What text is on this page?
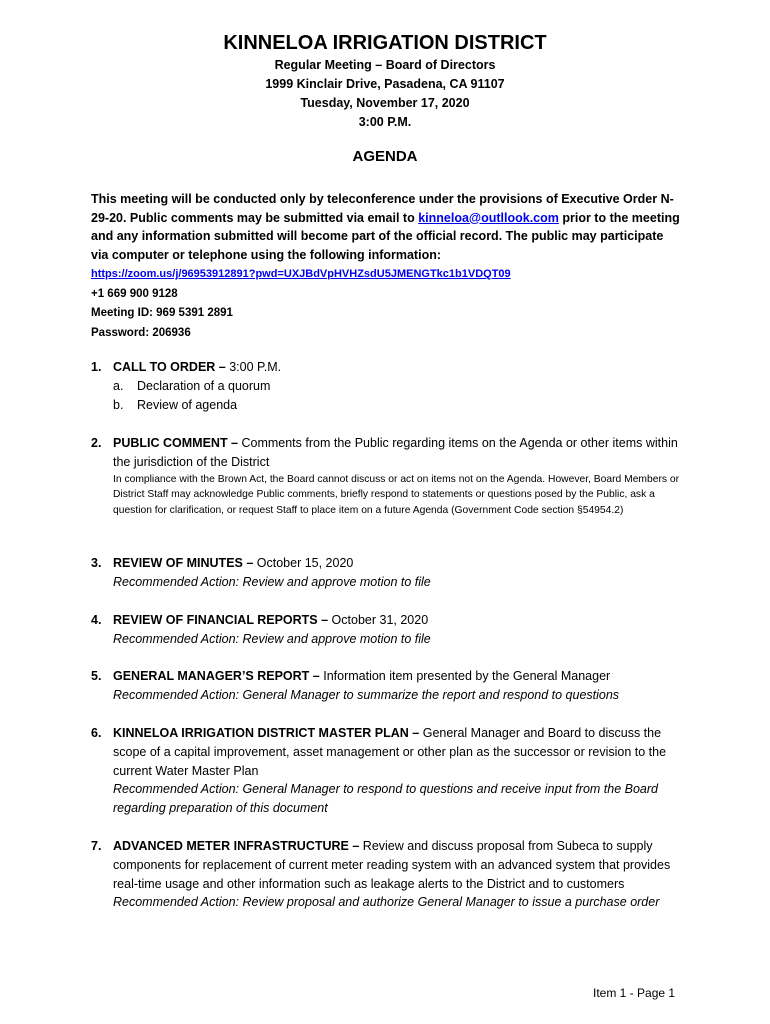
KINNELOA IRRIGATION DISTRICT
Regular Meeting – Board of Directors
1999 Kinclair Drive, Pasadena, CA 91107
Tuesday, November 17, 2020
3:00 P.M.
AGENDA
This meeting will be conducted only by teleconference under the provisions of Executive Order N-29-20. Public comments may be submitted via email to kinneloa@outllook.com prior to the meeting and any information submitted will become part of the official record. The public may participate via computer or telephone using the following information:
https://zoom.us/j/96953912891?pwd=UXJBdVpHVHZsdU5JMENGTkc1b1VDQT09
+1 669 900 9128
Meeting ID: 969 5391 2891
Password: 206936
1. CALL TO ORDER – 3:00 P.M.
a. Declaration of a quorum
b. Review of agenda
2. PUBLIC COMMENT – Comments from the Public regarding items on the Agenda or other items within the jurisdiction of the District
In compliance with the Brown Act, the Board cannot discuss or act on items not on the Agenda. However, Board Members or District Staff may acknowledge Public comments, briefly respond to statements or questions posed by the Public, ask a question for clarification, or request Staff to place item on a future Agenda (Government Code section §54954.2)
3. REVIEW OF MINUTES – October 15, 2020
Recommended Action: Review and approve motion to file
4. REVIEW OF FINANCIAL REPORTS – October 31, 2020
Recommended Action: Review and approve motion to file
5. GENERAL MANAGER’S REPORT – Information item presented by the General Manager
Recommended Action: General Manager to summarize the report and respond to questions
6. KINNELOA IRRIGATION DISTRICT MASTER PLAN – General Manager and Board to discuss the scope of a capital improvement, asset management or other plan as the successor or revision to the current Water Master Plan
Recommended Action: General Manager to respond to questions and receive input from the Board regarding preparation of this document
7. ADVANCED METER INFRASTRUCTURE – Review and discuss proposal from Subeca to supply components for replacement of current meter reading system with an advanced system that provides real-time usage and other information such as leakage alerts to the District and to customers
Recommended Action: Review proposal and authorize General Manager to issue a purchase order
Item 1 - Page 1
